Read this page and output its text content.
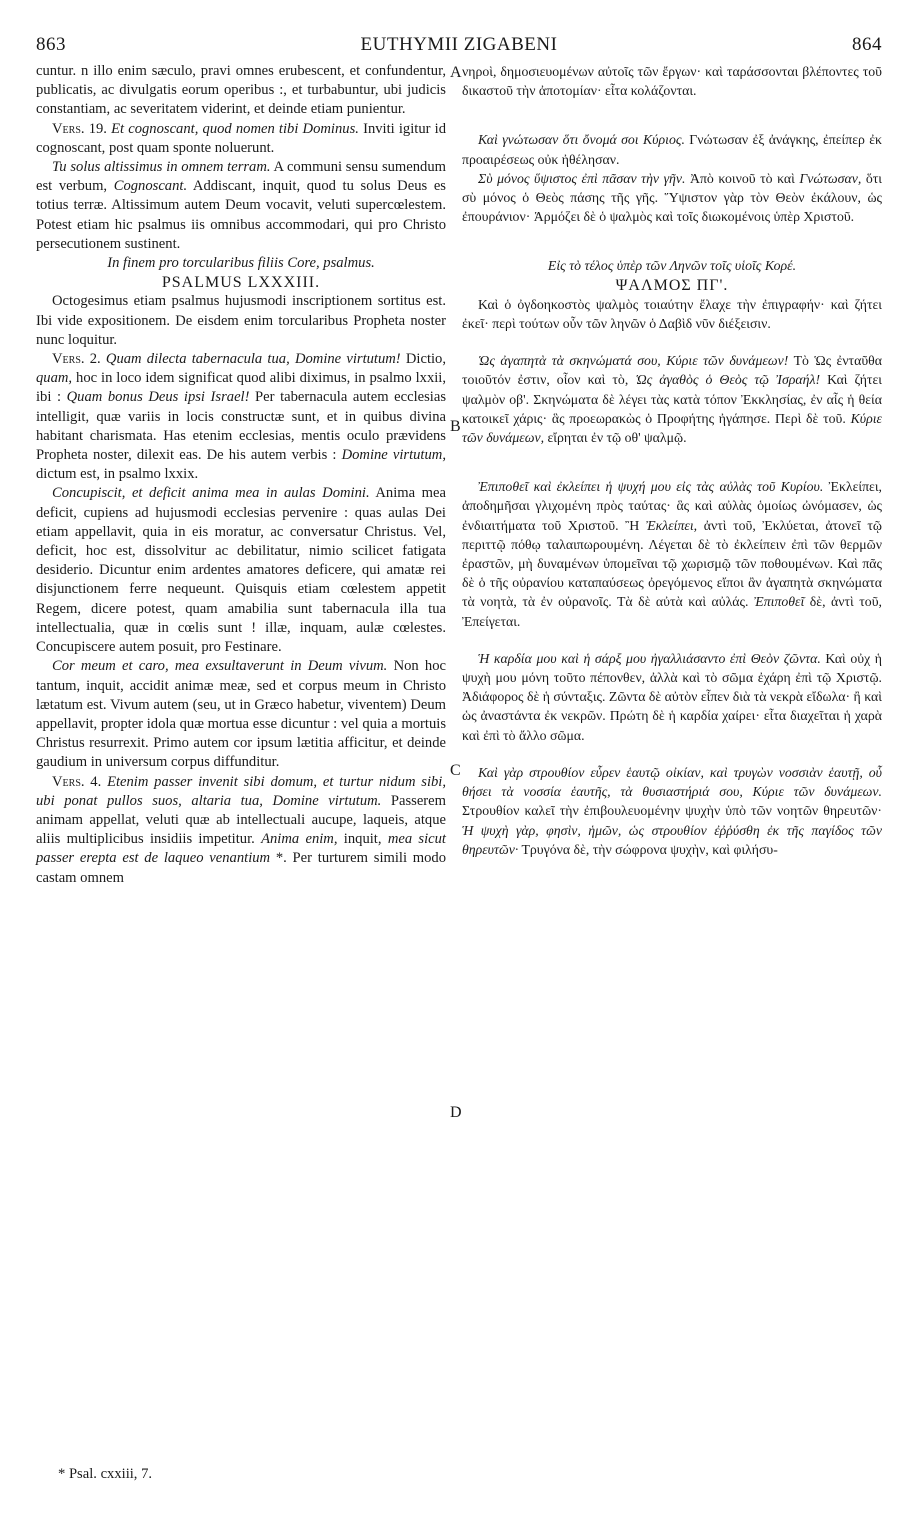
863	EUTHYMII ZIGABENI	864

cuntur. n illo enim sæculo, pravi omnes erubescent, et confundentur, publicatis, ac divulgatis eorum operibus :, et turbabuntur, ubi judicis constantiam, ac severitatem viderint, et deinde etiam punientur.

Vers. 19. Et cognoscant, quod nomen tibi Dominus. Inviti igitur id cognoscant, post quam sponte noluerunt.

Tu solus altissimus in omnem terram. A communi sensu sumendum est verbum, Cognoscant. Addiscant, inquit, quod tu solus Deus es totius terræ. Altissimum autem Deum vocavit, veluti supercœlestem. Potest etiam hic psalmus iis omnibus accommodari, qui pro Christo persecutionem sustinent.

In finem pro torcularibus filiis Core, psalmus.

PSALMUS LXXXIII.

Octogesimus etiam psalmus hujusmodi inscriptionem sortitus est. Ibi vide expositionem. De eisdem enim torcularibus Propheta noster nunc loquitur.

Vers. 2. Quam dilecta tabernacula tua, Domine virtutum! Dictio, quam, hoc in loco idem significat quod alibi diximus, in psalmo lxxii, ibi : Quam bonus Deus ipsi Israel! Per tabernacula autem ecclesias intelligit, quæ variis in locis constructæ sunt, et in quibus divina habitant charismata. Has etenim ecclesias, mentis oculo prævidens Propheta noster, dilexit eas. De his autem verbis : Domine virtutum, dictum est, in psalmo lxxix.

Concupiscit, et deficit anima mea in aulas Domini. Anima mea deficit, cupiens ad hujusmodi ecclesias pervenire : quas aulas Dei etiam appellavit, quia in eis moratur, ac conversatur Christus. Vel, deficit, hoc est, dissolvitur ac debilitatur, nimio scilicet fatigata desiderio. Dicuntur enim ardentes amatores deficere, qui amatæ rei disjunctionem ferre nequeunt. Quisquis etiam cœlestem appetit Regem, dicere potest, quam amabilia sunt tabernacula illa tua intellectualia, quæ in cœlis sunt ! illæ, inquam, aulæ cœlestes. Concupiscere autem posuit, pro Festinare.

Cor meum et caro, mea exsultaverunt in Deum vivum. Non hoc tantum, inquit, accidit animæ meæ, sed et corpus meum in Christo lætatum est. Vivum autem (seu, ut in Græco habetur, viventem) Deum appellavit, propter idola quæ mortua esse dicuntur : vel quia a mortuis Christus resurrexit. Primo autem cor ipsum lætitia afficitur, et deinde gaudium in universum corpus diffunditur.

Vers. 4. Etenim passer invenit sibi domum, et turtur nidum sibi, ubi ponat pullos suos, altaria tua, Domine virtutum. Passerem animam appellat, veluti quæ ab intellectuali aucupe, laqueis, atque aliis multiplicibus insidiis impetitur. Anima enim, inquit, mea sicut passer erepta est de laqueo venantium *. Per turturem simili modo castam omnem

A
B
C
D

νηροὶ, δημοσιευομένων αὐτοῖς τῶν ἔργων· καὶ ταράσσονται βλέποντες τοῦ δικαστοῦ τὴν ἀποτομίαν· εἶτα κολάζονται.

Καὶ γνώτωσαν ὅτι ὄνομά σοι Κύριος. Γνώτωσαν ἐξ ἀνάγκης, ἐπείπερ ἐκ προαιρέσεως οὐκ ἠθέλησαν.

Σὺ μόνος ὕψιστος ἐπὶ πᾶσαν τὴν γῆν. Ἀπὸ κοινοῦ τὸ καὶ Γνώτωσαν, ὅτι σὺ μόνος ὁ Θεὸς πάσης τῆς γῆς. Ὕψιστον γὰρ τὸν Θεὸν ἐκάλουν, ὡς ἐπουράνιον· Ἁρμόζει δὲ ὁ ψαλμὸς καὶ τοῖς διωκομένοις ὑπὲρ Χριστοῦ.

Εἰς τὸ τέλος ὑπὲρ τῶν Ληνῶν τοῖς υἱοῖς Κορέ.

ΨΑΛΜΟΣ ΠΓ'.

Καὶ ὁ ὀγδοηκοστὸς ψαλμὸς τοιαύτην ἔλαχε τὴν ἐπιγραφήν· καὶ ζήτει ἐκεῖ· περὶ τούτων οὖν τῶν ληνῶν ὁ Δαβὶδ νῦν διέξεισιν.

Ὡς ἀγαπητὰ τὰ σκηνώματά σου, Κύριε τῶν δυνάμεων! Τὸ Ὡς ἐνταῦθα τοιοῦτόν ἐστιν, οἷον καὶ τὸ, Ὡς ἀγαθὸς ὁ Θεὸς τῷ Ἰσραήλ! Καὶ ζήτει ψαλμὸν οβ'. Σκηνώματα δὲ λέγει τὰς κατὰ τόπον Ἐκκλησίας, ἐν αἷς ἡ θεία κατοικεῖ χάρις· ἃς προεωρακὼς ὁ Προφήτης ἠγάπησε. Περὶ δὲ τοῦ. Κύριε τῶν δυνάμεων, εἴρηται ἐν τῷ οθ' ψαλμῷ.

Ἐπιποθεῖ καὶ ἐκλείπει ἡ ψυχή μου εἰς τὰς αὐλὰς τοῦ Κυρίου. Ἐκλείπει, ἀποδημῆσαι γλιχομένη πρὸς ταύτας· ἃς καὶ αὐλὰς ὁμοίως ὠνόμασεν, ὡς ἐνδιαιτήματα τοῦ Χριστοῦ. Ἢ Ἐκλείπει, ἀντὶ τοῦ, Ἐκλύεται, ἀτονεῖ τῷ περιττῷ πόθῳ ταλαιπωρουμένη. Λέγεται δὲ τὸ ἐκλείπειν ἐπὶ τῶν θερμῶν ἐραστῶν, μὴ δυναμένων ὑπομεῖναι τῷ χωρισμῷ τῶν ποθουμένων. Καὶ πᾶς δὲ ὁ τῆς οὐρανίου καταπαύσεως ὀρεγόμενος εἴποι ἂν ἀγαπητὰ σκηνώματα τὰ νοητὰ, τὰ ἐν οὐρανοῖς. Τὰ δὲ αὐτὰ καὶ αὐλάς. Ἐπιποθεῖ δὲ, ἀντὶ τοῦ, Ἐπείγεται.

Ἡ καρδία μου καὶ ἡ σάρξ μου ἠγαλλιάσαντο ἐπὶ Θεὸν ζῶντα. Καὶ οὐχ ἡ ψυχὴ μου μόνη τοῦτο πέπονθεν, ἀλλὰ καὶ τὸ σῶμα ἐχάρη ἐπὶ τῷ Χριστῷ. Ἀδιάφορος δὲ ἡ σύνταξις. Ζῶντα δὲ αὐτὸν εἶπεν διὰ τὰ νεκρὰ εἴδωλα· ἢ καὶ ὡς ἀναστάντα ἐκ νεκρῶν. Πρώτη δὲ ἡ καρδία χαίρει· εἶτα διαχεῖται ἡ χαρὰ καὶ ἐπὶ τὸ ἄλλο σῶμα.

Καὶ γὰρ στρουθίον εὗρεν ἑαυτῷ οἰκίαν, καὶ τρυγὼν νοσσιὰν ἑαυτῇ, οὗ θήσει τὰ νοσσία ἑαυτῆς, τὰ θυσιαστήριά σου, Κύριε τῶν δυνάμεων. Στρουθίον καλεῖ τὴν ἐπιβουλευομένην ψυχὴν ὑπὸ τῶν νοητῶν θηρευτῶν· Ἡ ψυχὴ γὰρ, φησὶν, ἡμῶν, ὡς στρουθίον ἐῤῥύσθη ἐκ τῆς παγίδος τῶν θηρευτῶν· Τρυγόνα δὲ, τὴν σώφρονα ψυχὴν, καὶ φιλήσυ-

* Psal. cxxiii, 7.
